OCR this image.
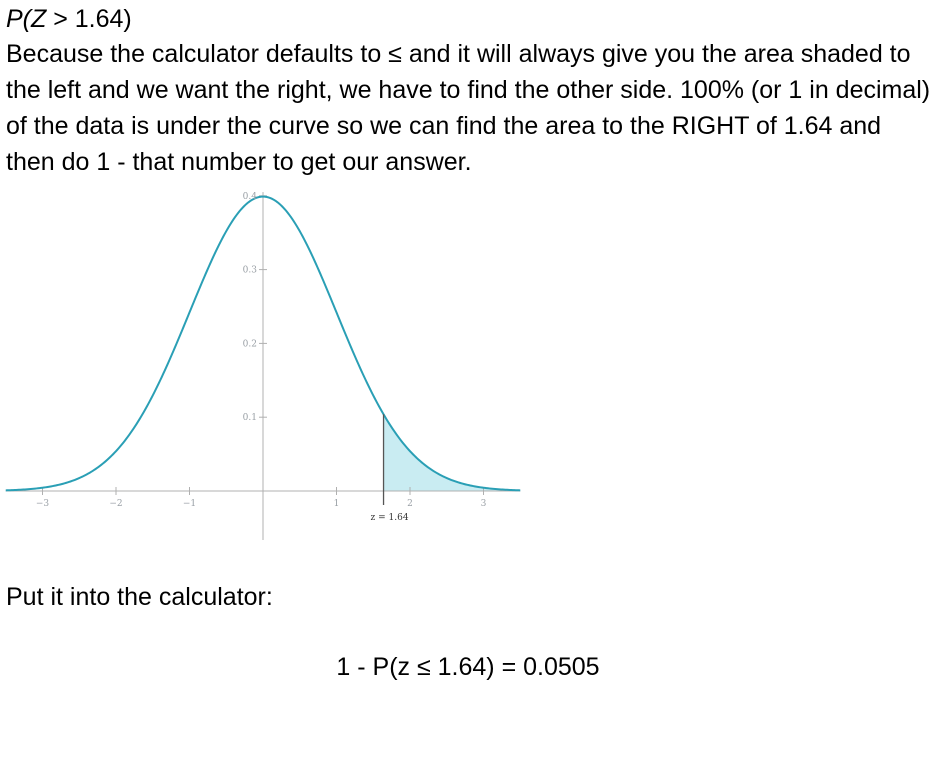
P(Z > 1.64)

Because the calculator defaults to ≤ and it will always give you the area shaded to the left and we want the right, we have to find the other side. 100% (or 1 in decimal) of the data is under the curve so we can find the area to the RIGHT of 1.64 and then do 1 - that number to get our answer.

−3	−2	−1	1	2	3
0.1
0.2
0.3
0.4
z = 1.64

Put it into the calculator:

1 - P(z ≤ 1.64) = 0.0505
